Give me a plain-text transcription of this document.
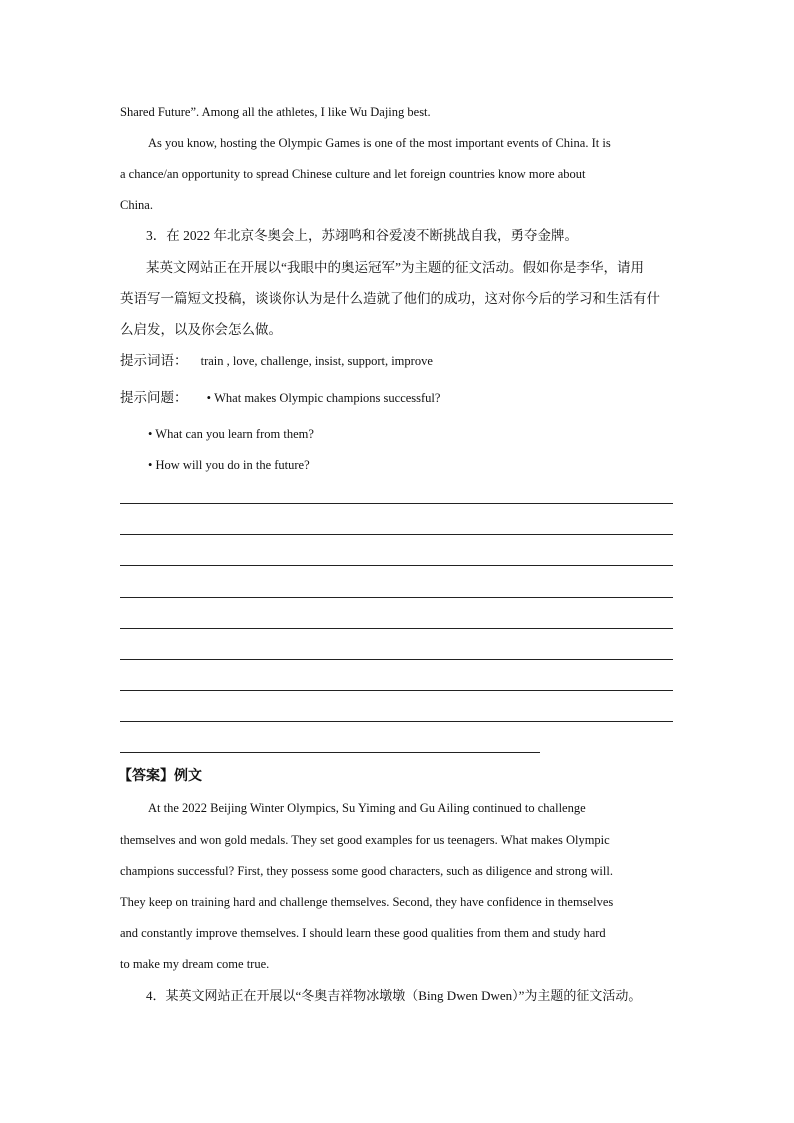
Shared Future”. Among all the athletes, I like Wu Dajing best.
As you know, hosting the Olympic Games is one of the most important events of China. It is
a chance/an opportunity to spread Chinese culture and let foreign countries know more about
China.
3．在 2022 年北京冬奥会上，苏翊鸣和谷爱凌不断挑战自我，勇夺金牌。
某英文网站正在开展以“我眼中的奥运冠军”为主题的征文活动。假如你是李华，请用
英语写一篇短文投稿，谈谈你认为是什么造就了他们的成功，这对你今后的学习和生活有什
么启发，以及你会怎么做。
提示词语： train , love, challenge, insist, support, improve
提示问题： • What makes Olympic champions successful?
• What can you learn from them?
• How will you do in the future?
【答案】例文
At the 2022 Beijing Winter Olympics, Su Yiming and Gu Ailing continued to challenge
themselves and won gold medals. They set good examples for us teenagers. What makes Olympic
champions successful? First, they possess some good characters, such as diligence and strong will.
They keep on training hard and challenge themselves. Second, they have confidence in themselves
and constantly improve themselves. I should learn these good qualities from them and study hard
to make my dream come true.
4．某英文网站正在开展以“冬奥吉祥物冰墩墩（Bing Dwen Dwen）”为主题的征文活动。
